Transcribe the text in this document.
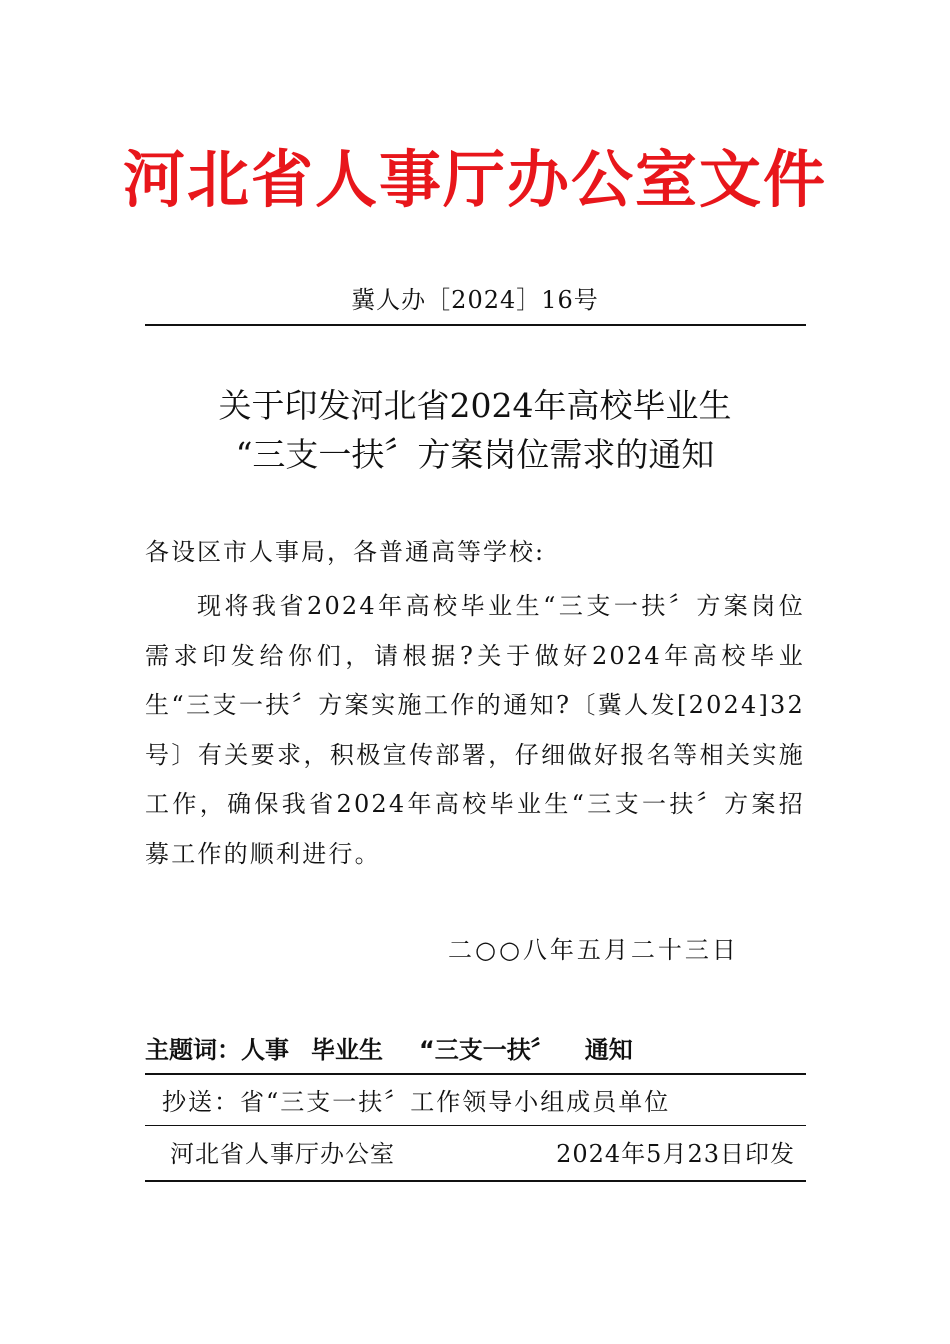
河北省人事厅办公室文件
冀人办［2024］16号
关于印发河北省2024年高校毕业生
“三支一扶〞方案岗位需求的通知
各设区市人事局，各普通高等学校:
现将我省2024年高校毕业生“三支一扶〞方案岗位需求印发给你们，请根据?关于做好2024年高校毕业生“三支一扶〞方案实施工作的通知?〔冀人发[2024]32号〕有关要求，积极宣传部署，仔细做好报名等相关实施工作，确保我省2024年高校毕业生“三支一扶〞方案招募工作的顺利进行。
二○○八年五月二十三日
主题词：人事 毕业生 “三支一扶〞 通知
抄送：省“三支一扶〞工作领导小组成员单位
河北省人事厅办公室	2024年5月23日印发
